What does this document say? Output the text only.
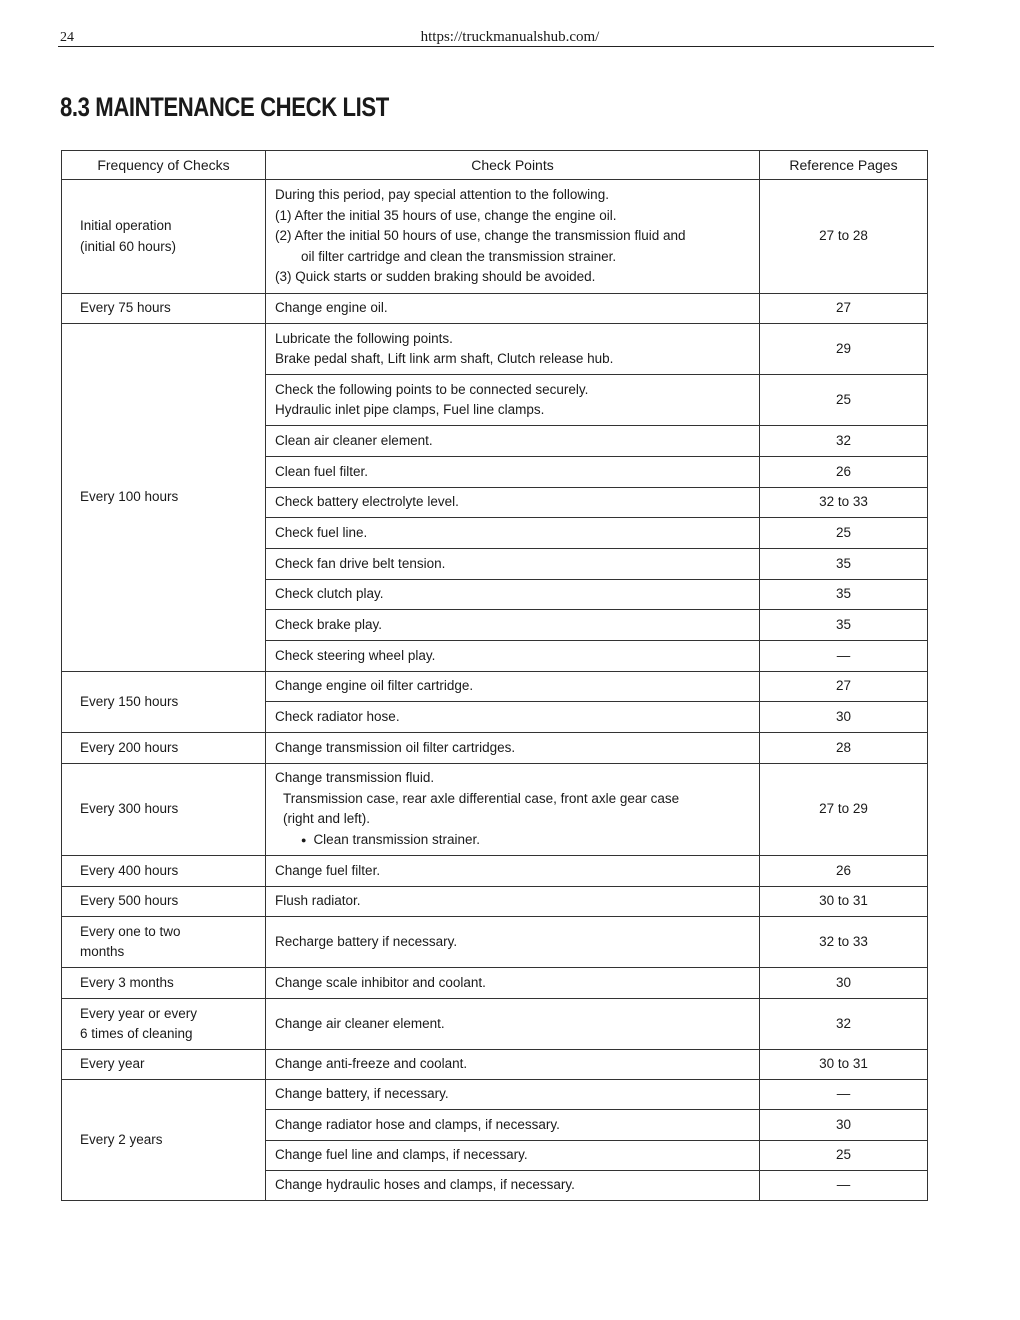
24	https://truckmanualshub.com/
8.3 MAINTENANCE CHECK LIST
Frequency of Checks	Check Points	Reference Pages

Initial operation
(initial 60 hours)	During this period, pay special attention to the following.
(1) After the initial 35 hours of use, change the engine oil.
(2) After the initial 50 hours of use, change the transmission fluid and
oil filter cartridge and clean the transmission strainer.
(3) Quick starts or sudden braking should be avoided.	27 to 28

Every 75 hours	Change engine oil.	27

Every 100 hours	Lubricate the following points.
Brake pedal shaft, Lift link arm shaft, Clutch release hub.	29

	Check the following points to be connected securely.
Hydraulic inlet pipe clamps, Fuel line clamps.	25

	Clean air cleaner element.	32

	Clean fuel filter.	26

	Check battery electrolyte level.	32 to 33

	Check fuel line.	25

	Check fan drive belt tension.	35

	Check clutch play.	35

	Check brake play.	35

	Check steering wheel play.	—

Every 150 hours	Change engine oil filter cartridge.	27

	Check radiator hose.	30

Every 200 hours	Change transmission oil filter cartridges.	28

Every 300 hours	Change transmission fluid.
Transmission case, rear axle differential case, front axle gear case
(right and left).
● Clean transmission strainer.	27 to 29

Every 400 hours	Change fuel filter.	26

Every 500 hours	Flush radiator.	30 to 31

Every one to two
months	Recharge battery if necessary.	32 to 33

Every 3 months	Change scale inhibitor and coolant.	30

Every year or every
6 times of cleaning	Change air cleaner element.	32

Every year	Change anti-freeze and coolant.	30 to 31

Every 2 years	Change battery, if necessary.	—

	Change radiator hose and clamps, if necessary.	30

	Change fuel line and clamps, if necessary.	25

	Change hydraulic hoses and clamps, if necessary.	—
